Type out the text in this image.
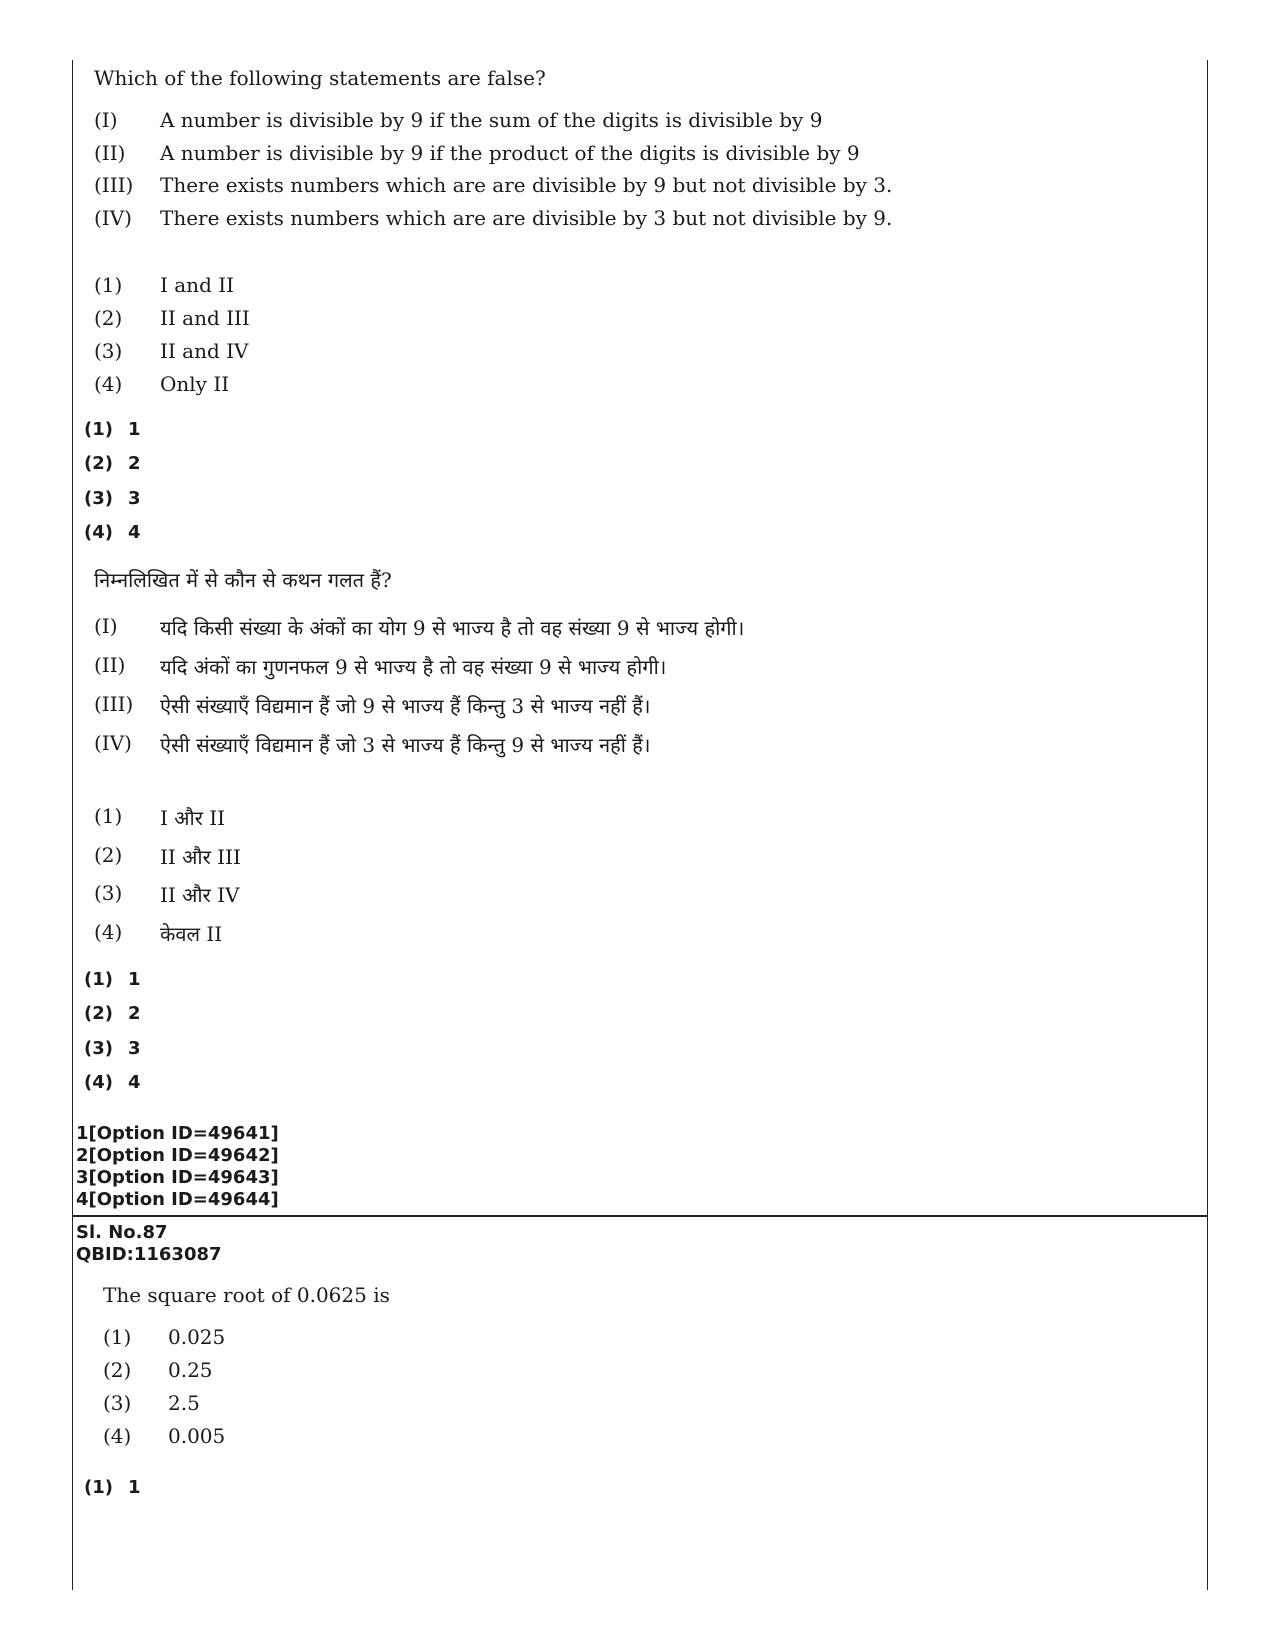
Which of the following statements are false?
(I) A number is divisible by 9 if the sum of the digits is divisible by 9
(II) A number is divisible by 9 if the product of the digits is divisible by 9
(III) There exists numbers which are are divisible by 9 but not divisible by 3.
(IV) There exists numbers which are are divisible by 3 but not divisible by 9.
(1) I and II
(2) II and III
(3) II and IV
(4) Only II
(1) 1
(2) 2
(3) 3
(4) 4
निम्नलिखित में से कौन से कथन गलत हैं?
(I) यदि किसी संख्या के अंकों का योग 9 से भाज्य है तो वह संख्या 9 से भाज्य होगी।
(II) यदि अंकों का गुणनफल 9 से भाज्य है तो वह संख्या 9 से भाज्य होगी।
(III) ऐसी संख्याएँ विद्यमान हैं जो 9 से भाज्य हैं किन्तु 3 से भाज्य नहीं हैं।
(IV) ऐसी संख्याएँ विद्यमान हैं जो 3 से भाज्य हैं किन्तु 9 से भाज्य नहीं हैं।
(1) I और II
(2) II और III
(3) II और IV
(4) केवल II
(1) 1
(2) 2
(3) 3
(4) 4
1[Option ID=49641]
2[Option ID=49642]
3[Option ID=49643]
4[Option ID=49644]
Sl. No.87
QBID:1163087
The square root of 0.0625 is
(1) 0.025
(2) 0.25
(3) 2.5
(4) 0.005
(1) 1
